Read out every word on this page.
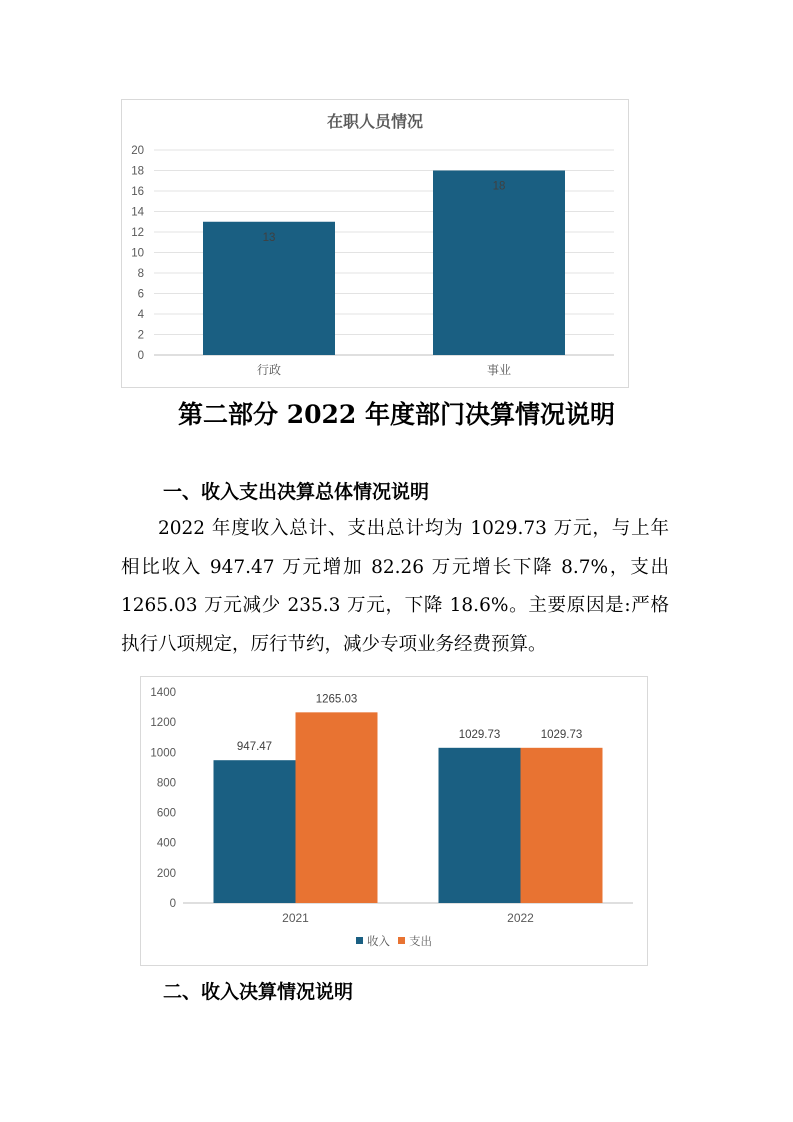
在职人员情况
0
2
4
6
8
10
12
14
16
18
20
13
行政
18
事业
第二部分 2022 年度部门决算情况说明
一、收入支出决算总体情况说明

2022 年度收入总计、支出总计均为 1029.73 万元，与上年相比收入 947.47 万元增加 82.26 万元增长下降 8.7%，支出 1265.03 万元减少 235.3 万元，下降 18.6%。主要原因是:严格执行八项规定，厉行节约，减少专项业务经费预算。

0
200
400
600
800
1000
1200
1400
947.47
1265.03
2021
1029.73	1029.73
2022
收入 支出
二、收入决算情况说明
